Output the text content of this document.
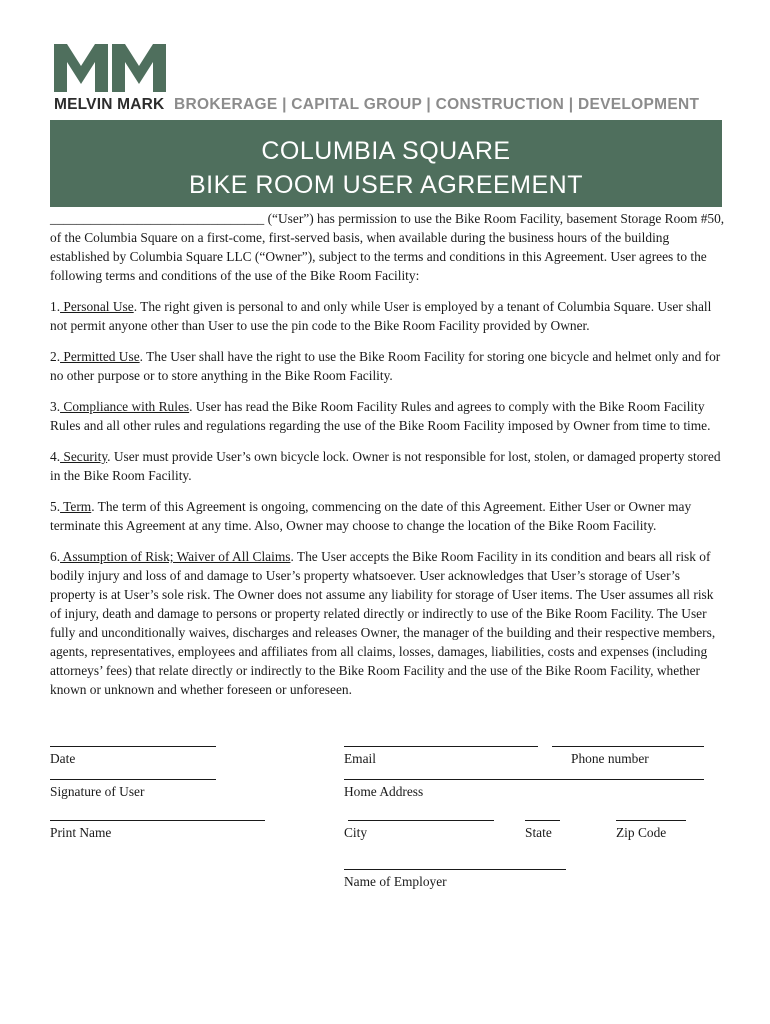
MELVIN MARK BROKERAGE | CAPITAL GROUP | CONSTRUCTION | DEVELOPMENT
COLUMBIA SQUARE
BIKE ROOM USER AGREEMENT

________________________________ (“User”) has permission to use the Bike Room Facility, basement Storage Room #50, of the Columbia Square on a first-come, first-served basis, when available during the business hours of the building established by Columbia Square LLC (“Owner”), subject to the terms and conditions in this Agreement. User agrees to the following terms and conditions of the use of the Bike Room Facility:

1. Personal Use. The right given is personal to and only while User is employed by a tenant of Columbia Square. User shall not permit anyone other than User to use the pin code to the Bike Room Facility provided by Owner.

2. Permitted Use. The User shall have the right to use the Bike Room Facility for storing one bicycle and helmet only and for no other purpose or to store anything in the Bike Room Facility.

3. Compliance with Rules. User has read the Bike Room Facility Rules and agrees to comply with the Bike Room Facility Rules and all other rules and regulations regarding the use of the Bike Room Facility imposed by Owner from time to time.

4. Security. User must provide User’s own bicycle lock. Owner is not responsible for lost, stolen, or damaged property stored in the Bike Room Facility.

5. Term. The term of this Agreement is ongoing, commencing on the date of this Agreement. Either User or Owner may terminate this Agreement at any time. Also, Owner may choose to change the location of the Bike Room Facility.

6. Assumption of Risk; Waiver of All Claims. The User accepts the Bike Room Facility in its condition and bears all risk of bodily injury and loss of and damage to User’s property whatsoever. User acknowledges that User’s storage of User’s property is at User’s sole risk. The Owner does not assume any liability for storage of User items. The User assumes all risk of injury, death and damage to persons or property related directly or indirectly to use of the Bike Room Facility. The User fully and unconditionally waives, discharges and releases Owner, the manager of the building and their respective members, agents, representatives, employees and affiliates from all claims, losses, damages, liabilities, costs and expenses (including attorneys’ fees) that relate directly or indirectly to the Bike Room Facility and the use of the Bike Room Facility, whether known or unknown and whether foreseen or unforeseen.

Date	Email	Phone number
Signature of User	Home Address
Print Name	City	State	Zip Code
Name of Employer
